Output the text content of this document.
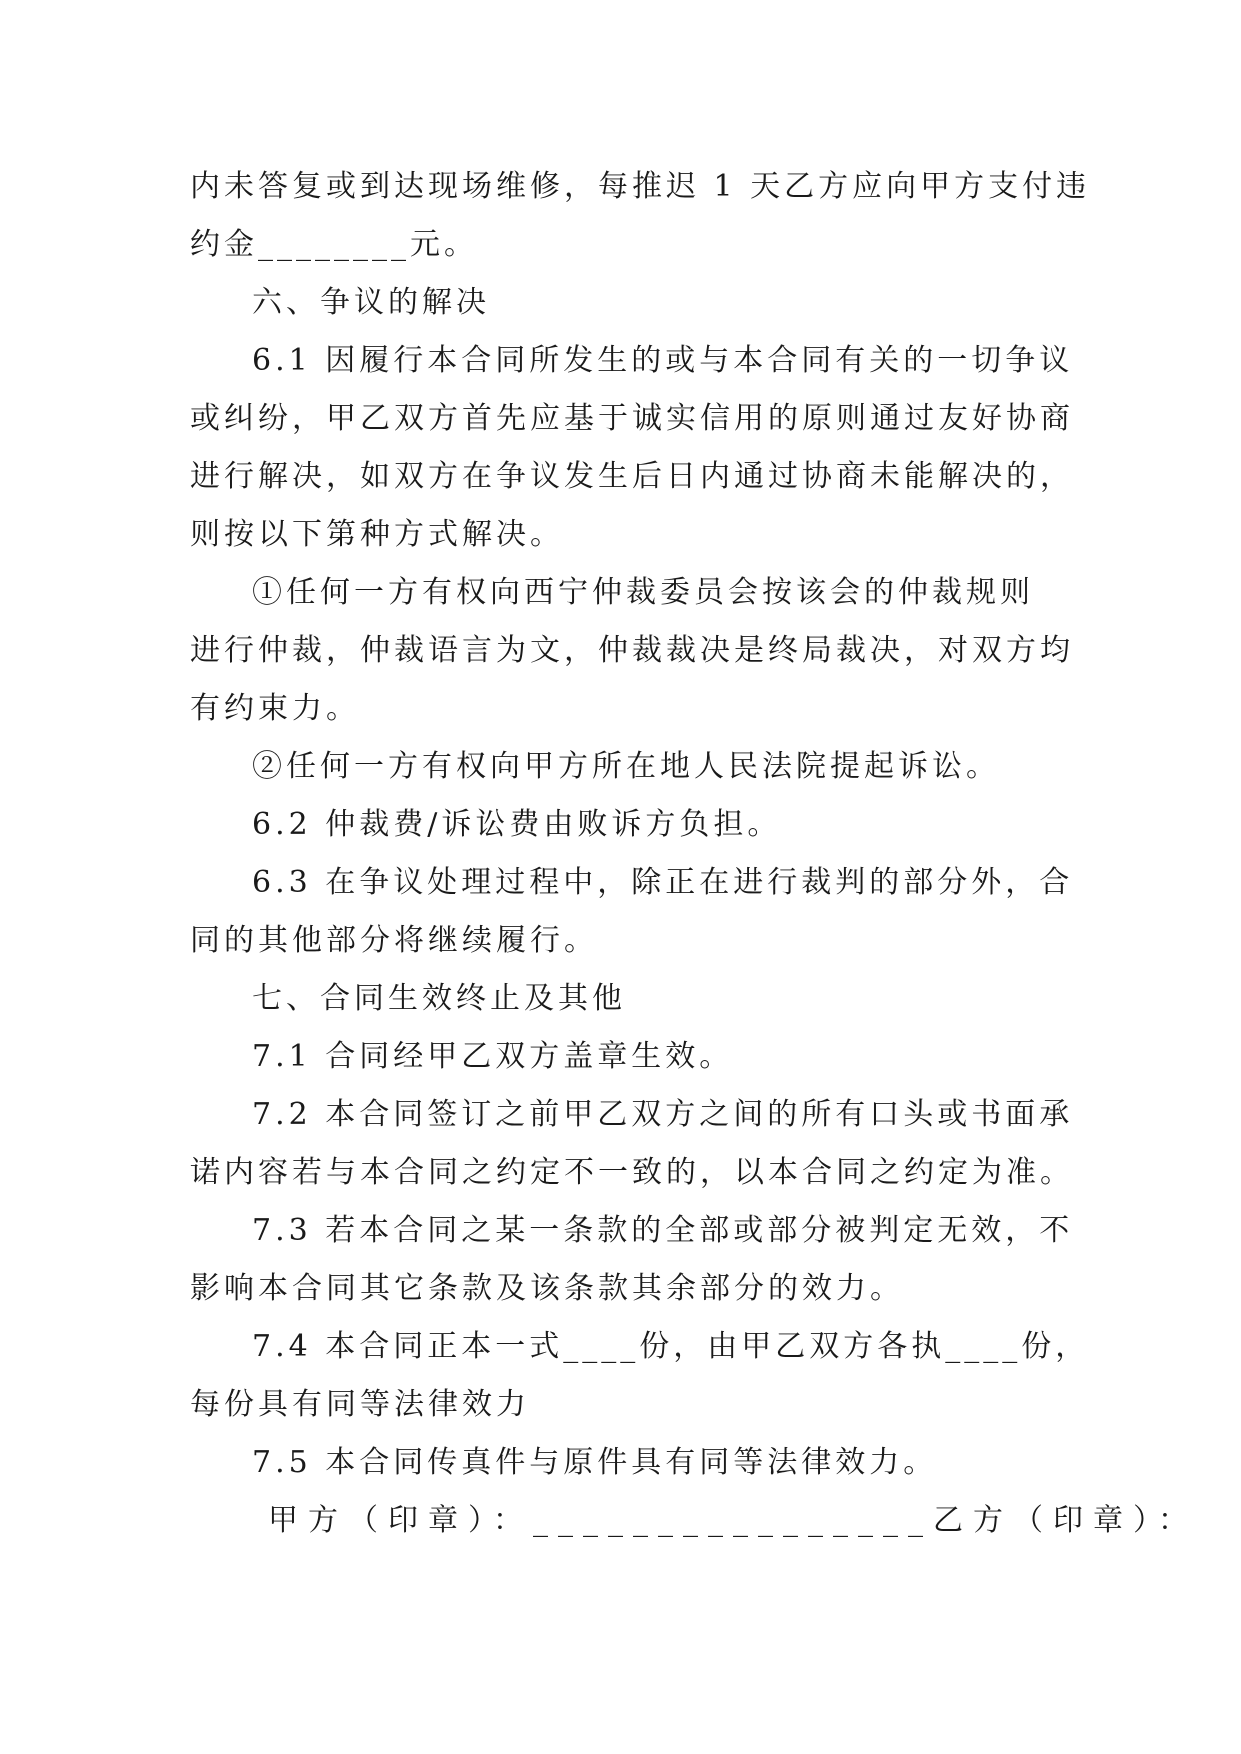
内未答复或到达现场维修，每推迟 1 天乙方应向甲方支付违
约金________元。
六、争议的解决
6.1 因履行本合同所发生的或与本合同有关的一切争议
或纠纷，甲乙双方首先应基于诚实信用的原则通过友好协商
进行解决，如双方在争议发生后日内通过协商未能解决的，
则按以下第种方式解决。
①任何一方有权向西宁仲裁委员会按该会的仲裁规则
进行仲裁，仲裁语言为文，仲裁裁决是终局裁决，对双方均
有约束力。
②任何一方有权向甲方所在地人民法院提起诉讼。
6.2 仲裁费/诉讼费由败诉方负担。
6.3 在争议处理过程中，除正在进行裁判的部分外，合
同的其他部分将继续履行。
七、合同生效终止及其他
7.1 合同经甲乙双方盖章生效。
7.2 本合同签订之前甲乙双方之间的所有口头或书面承
诺内容若与本合同之约定不一致的，以本合同之约定为准。
7.3 若本合同之某一条款的全部或部分被判定无效，不
影响本合同其它条款及该条款其余部分的效力。
7.4 本合同正本一式____份，由甲乙双方各执____份，
每份具有同等法律效力
7.5 本合同传真件与原件具有同等法律效力。
甲方（印章）：________________乙方（印章）：
